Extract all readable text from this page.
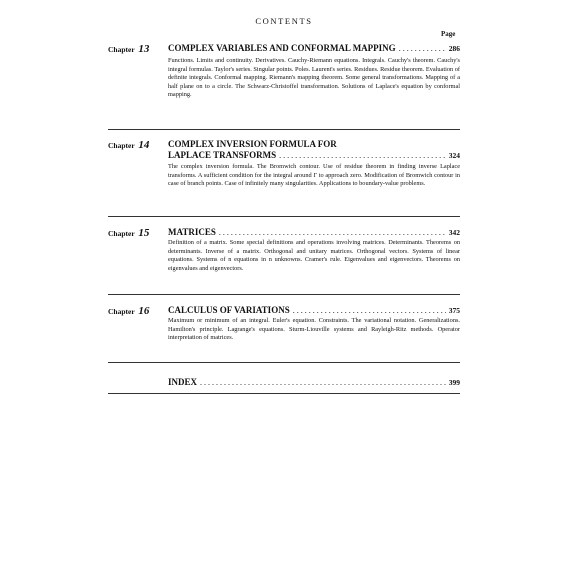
CONTENTS
Page
Chapter 13 COMPLEX VARIABLES AND CONFORMAL MAPPING .....	286
Functions. Limits and continuity. Derivatives. Cauchy-Riemann equations. Integrals. Cauchy's theorem. Cauchy's integral formulas. Taylor's series. Singular points. Poles. Laurent's series. Residues. Residue theorem. Evaluation of definite integrals. Conformal mapping. Riemann's mapping theorem. Some general transformations. Mapping of a half plane on to a circle. The Schwarz-Christoffel transformation. Solutions of Laplace's equation by conformal mapping.
Chapter 14 COMPLEX INVERSION FORMULA FOR
LAPLACE TRANSFORMS .....	324
The complex inversion formula. The Bromwich contour. Use of residue theorem in finding inverse Laplace transforms. A sufficient condition for the integral around Γ to approach zero. Modification of Bromwich contour in case of branch points. Case of infinitely many singularities. Applications to boundary-value problems.
Chapter 15 MATRICES .....	342
Definition of a matrix. Some special definitions and operations involving matrices. Determinants. Theorems on determinants. Inverse of a matrix. Orthogonal and unitary matrices. Orthogonal vectors. Systems of linear equations. Systems of n equations in n unknowns. Cramer's rule. Eigenvalues and eigenvectors. Theorems on eigenvalues and eigenvectors.
Chapter 16 CALCULUS OF VARIATIONS .....	375
Maximum or minimum of an integral. Euler's equation. Constraints. The variational notation. Generalizations. Hamilton's principle. Lagrange's equations. Sturm-Liouville systems and Rayleigh-Ritz methods. Operator interpretation of matrices.
INDEX .....	399
